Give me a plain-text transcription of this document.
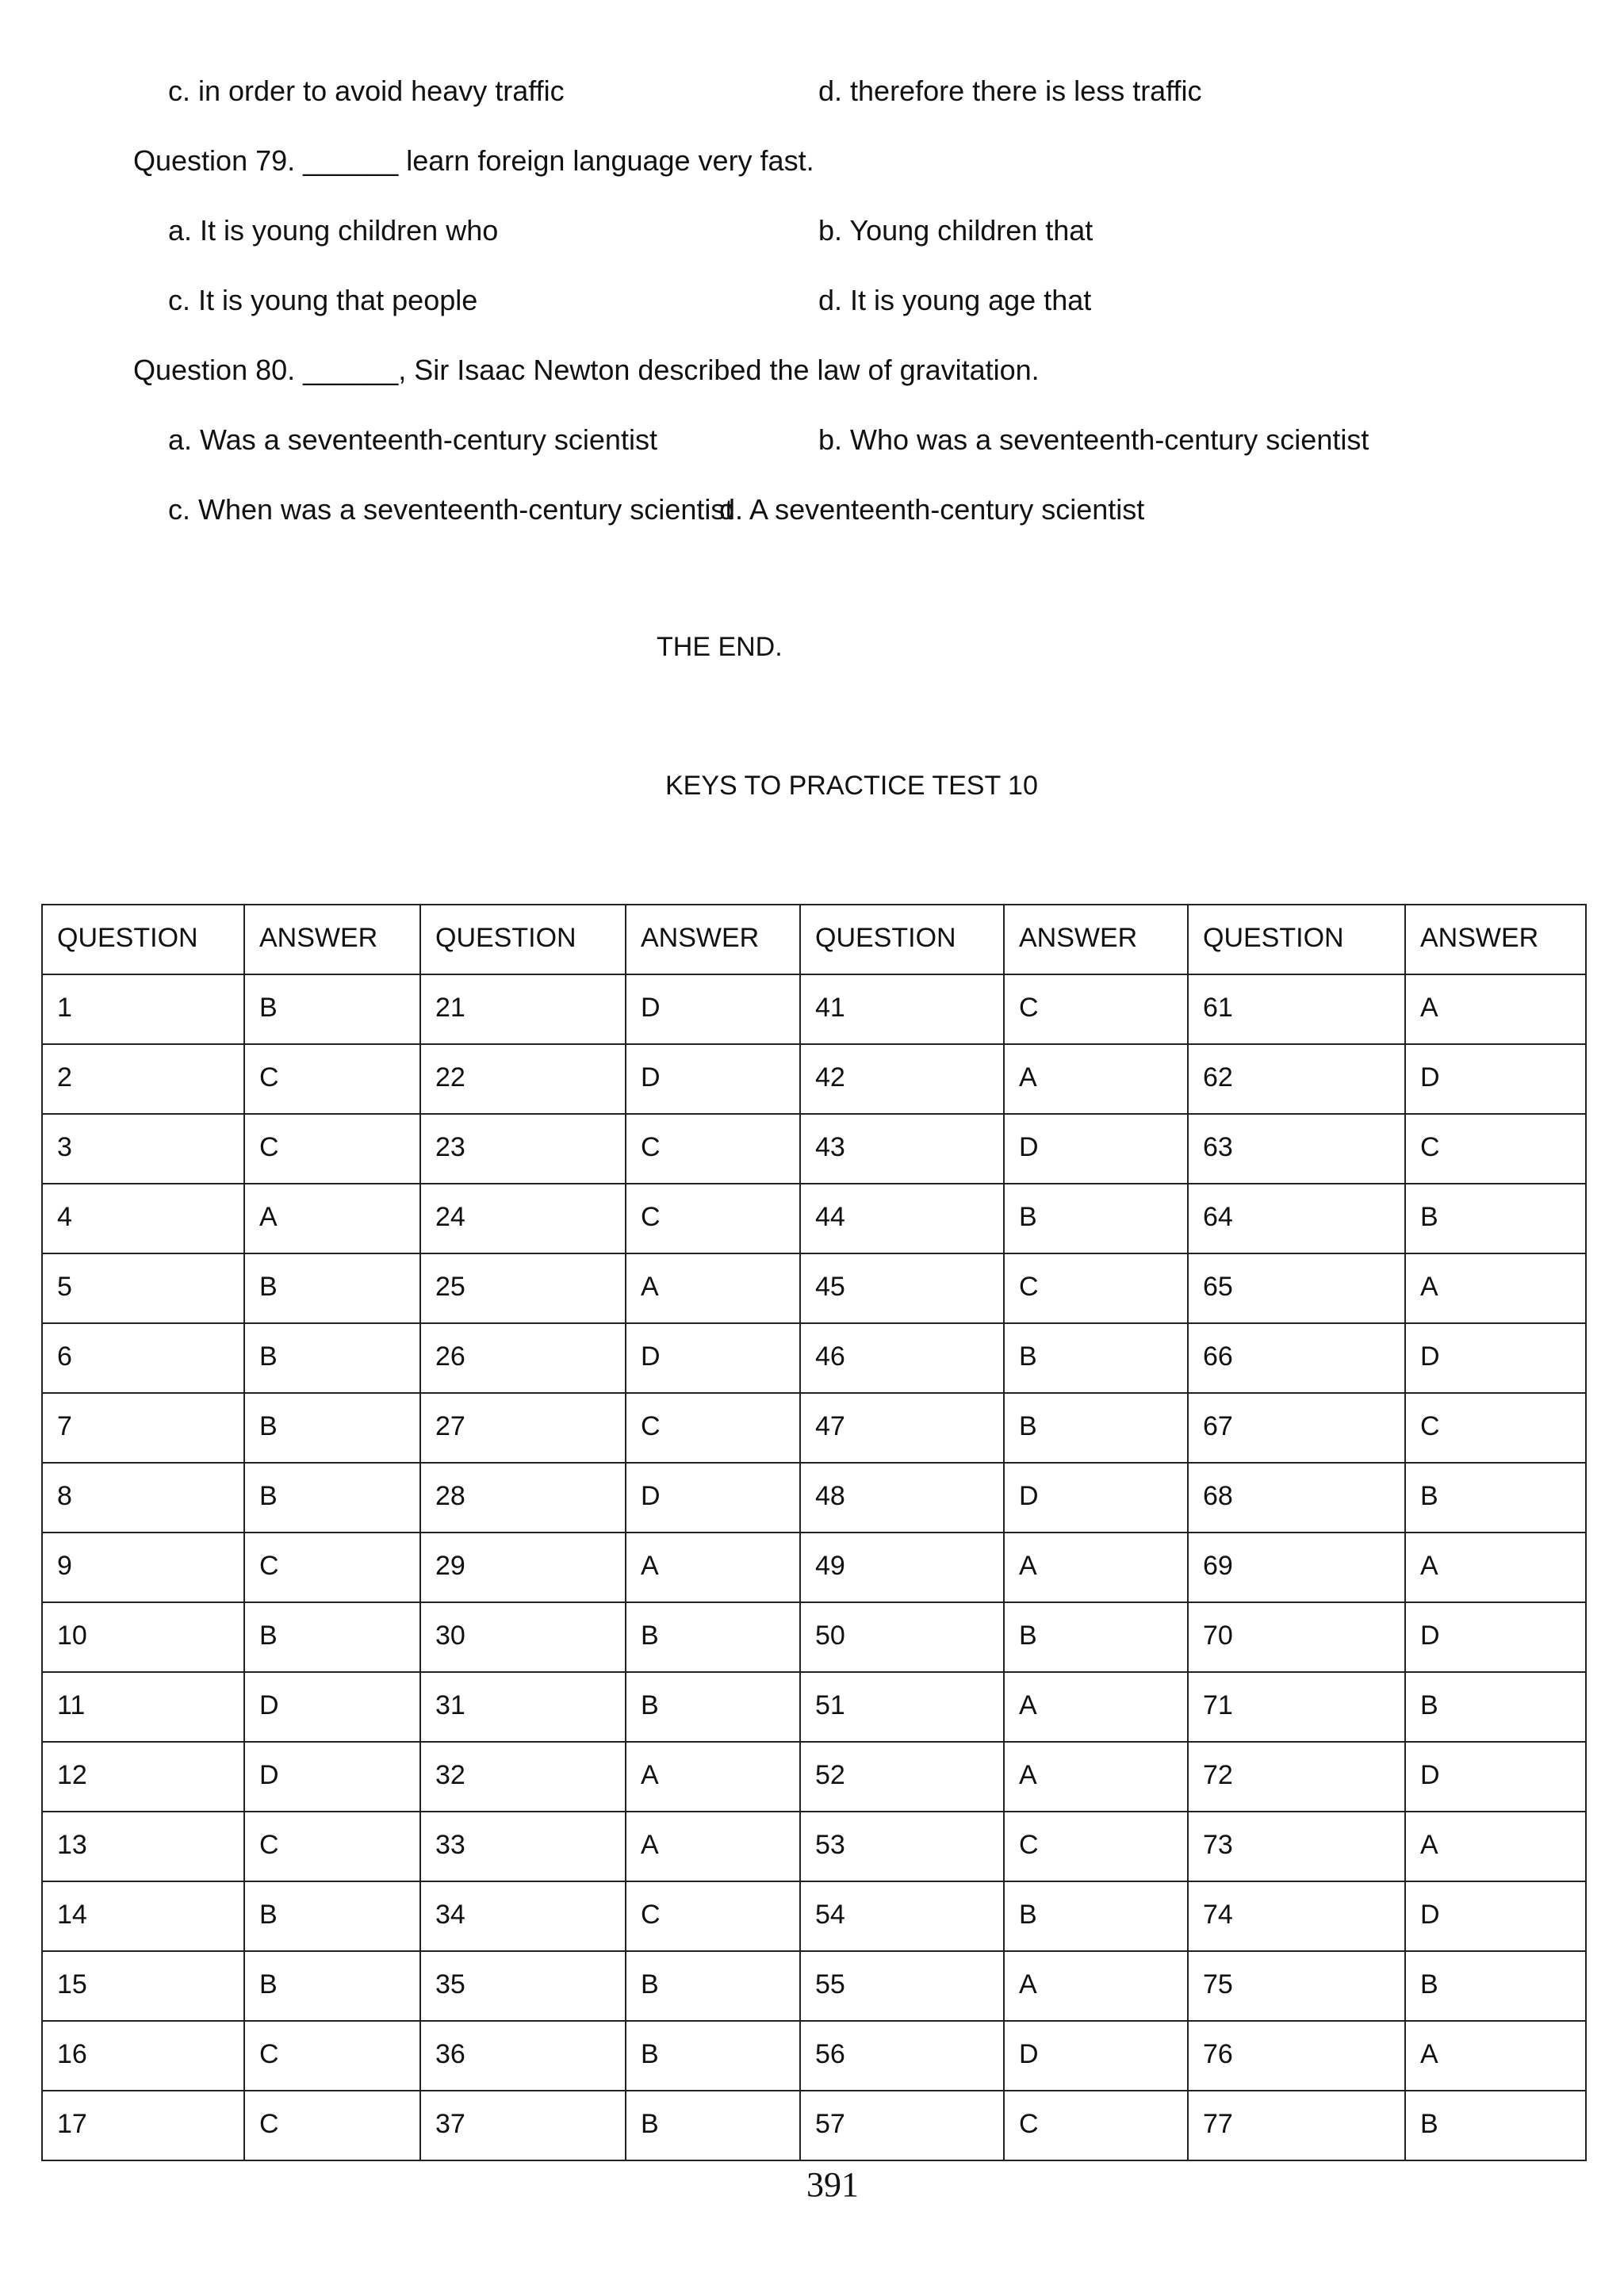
c. in order to avoid heavy traffic	d. therefore there is less traffic
Question 79. ______ learn foreign language very fast.
a. It is young children who	b. Young children that
c. It is young that people	d. It is young age that
Question 80. ______, Sir Isaac Newton described the law of gravitation.
a. Was a seventeenth-century scientist	b. Who was a seventeenth-century scientist
c. When was a seventeenth-century scientist
d. A seventeenth-century scientist
THE END.
KEYS TO PRACTICE TEST 10
QUESTION	ANSWER	QUESTION	ANSWER	QUESTION	ANSWER	QUESTION	ANSWER
1	B	21	D	41	C	61	A
2	C	22	D	42	A	62	D
3	C	23	C	43	D	63	C
4	A	24	C	44	B	64	B
5	B	25	A	45	C	65	A
6	B	26	D	46	B	66	D
7	B	27	C	47	B	67	C
8	B	28	D	48	D	68	B
9	C	29	A	49	A	69	A
10	B	30	B	50	B	70	D
11	D	31	B	51	A	71	B
12	D	32	A	52	A	72	D
13	C	33	A	53	C	73	A
14	B	34	C	54	B	74	D
15	B	35	B	55	A	75	B
16	C	36	B	56	D	76	A
17	C	37	B	57	C	77	B
391
